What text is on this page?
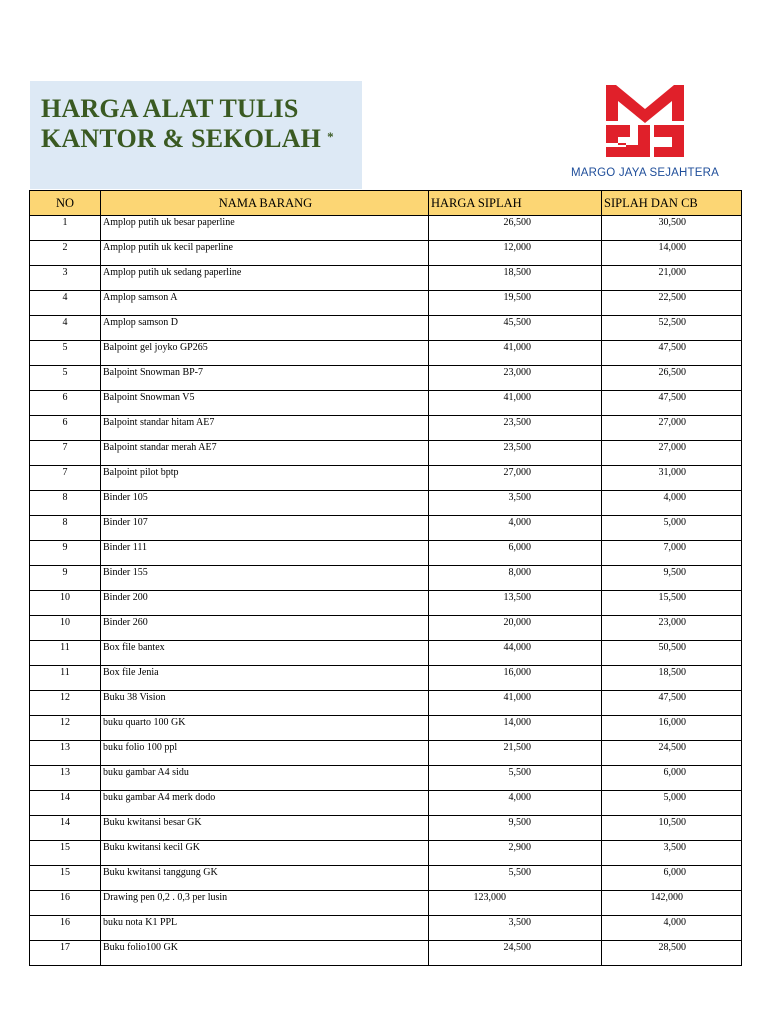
HARGA ALAT TULIS
KANTOR & SEKOLAH *
MARGO JAYA SEJAHTERA
NO	NAMA BARANG	HARGA SIPLAH	SIPLAH DAN CB
1	Amplop putih uk besar paperline	26,500	30,500
2	Amplop putih uk kecil paperline	12,000	14,000
3	Amplop putih uk sedang paperline	18,500	21,000
4	Amplop samson A	19,500	22,500
4	Amplop samson D	45,500	52,500
5	Balpoint gel joyko GP265	41,000	47,500
5	Balpoint Snowman BP-7	23,000	26,500
6	Balpoint Snowman V5	41,000	47,500
6	Balpoint standar hitam AE7	23,500	27,000
7	Balpoint standar merah AE7	23,500	27,000
7	Balpoint pilot bptp	27,000	31,000
8	Binder 105	3,500	4,000
8	Binder 107	4,000	5,000
9	Binder 111	6,000	7,000
9	Binder 155	8,000	9,500
10	Binder 200	13,500	15,500
10	Binder 260	20,000	23,000
11	Box file bantex	44,000	50,500
11	Box file Jenia	16,000	18,500
12	Buku 38 Vision	41,000	47,500
12	buku quarto 100 GK	14,000	16,000
13	buku folio 100 ppl	21,500	24,500
13	buku gambar A4 sidu	5,500	6,000
14	buku gambar A4 merk dodo	4,000	5,000
14	Buku kwitansi besar GK	9,500	10,500
15	Buku kwitansi kecil GK	2,900	3,500
15	Buku kwitansi tanggung GK	5,500	6,000
16	Drawing pen 0,2 . 0,3 per lusin	123,000	142,000
16	buku nota K1 PPL	3,500	4,000
17	Buku folio100 GK	24,500	28,500
